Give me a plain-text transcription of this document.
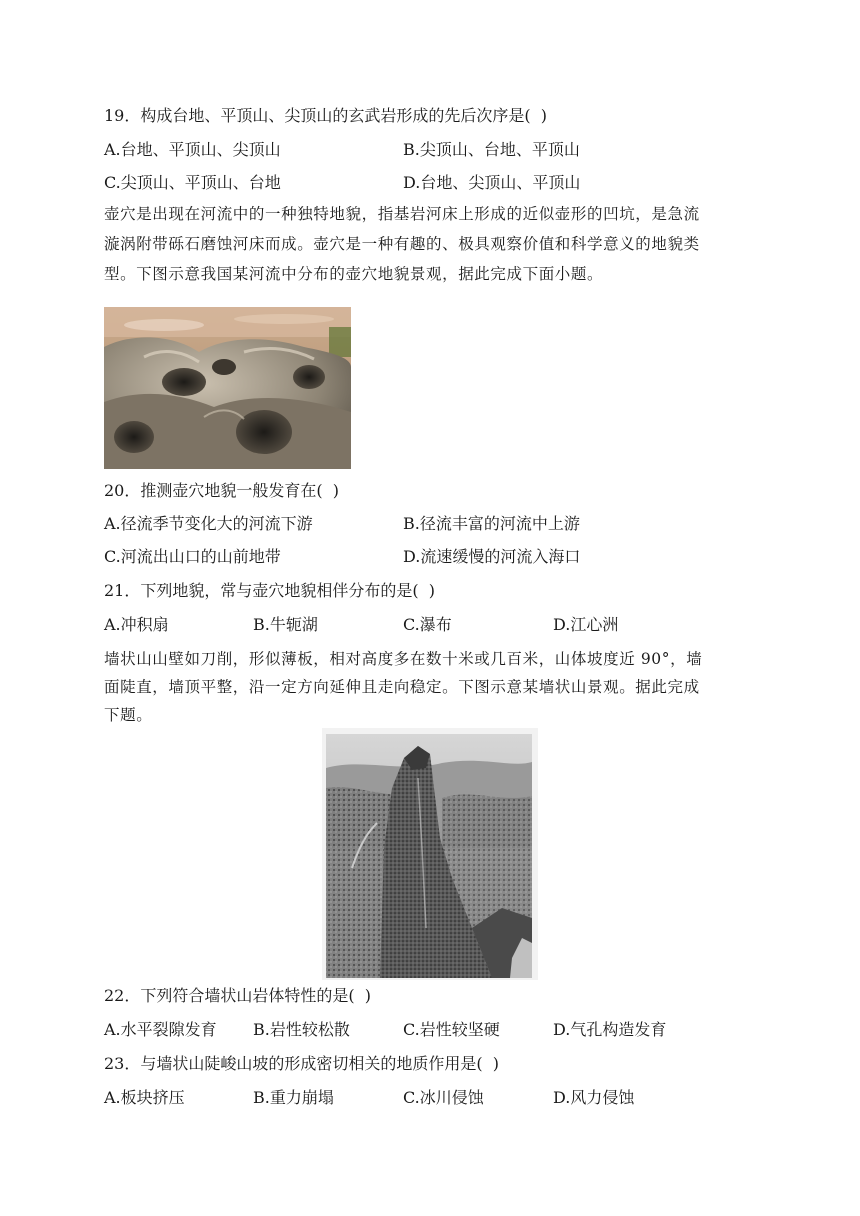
19．构成台地、平顶山、尖顶山的玄武岩形成的先后次序是(  )
A.台地、平顶山、尖顶山	B.尖顶山、台地、平顶山
C.尖顶山、平顶山、台地	D.台地、尖顶山、平顶山
壶穴是出现在河流中的一种独特地貌，指基岩河床上形成的近似壶形的凹坑，是急流
漩涡附带砾石磨蚀河床而成。壶穴是一种有趣的、极具观察价值和科学意义的地貌类
型。下图示意我国某河流中分布的壶穴地貌景观，据此完成下面小题。
20．推测壶穴地貌一般发育在(  )
A.径流季节变化大的河流下游	B.径流丰富的河流中上游
C.河流出山口的山前地带	D.流速缓慢的河流入海口
21．下列地貌，常与壶穴地貌相伴分布的是(  )
A.冲积扇	B.牛轭湖	C.瀑布	D.江心洲
墙状山山壁如刀削，形似薄板，相对高度多在数十米或几百米，山体坡度近 90°，墙
面陡直，墙顶平整，沿一定方向延伸且走向稳定。下图示意某墙状山景观。据此完成
下题。
22．下列符合墙状山岩体特性的是(  )
A.水平裂隙发育 B.岩性较松散	C.岩性较坚硬	D.气孔构造发育
23．与墙状山陡峻山坡的形成密切相关的地质作用是(  )
A.板块挤压	B.重力崩塌	C.冰川侵蚀	D.风力侵蚀
